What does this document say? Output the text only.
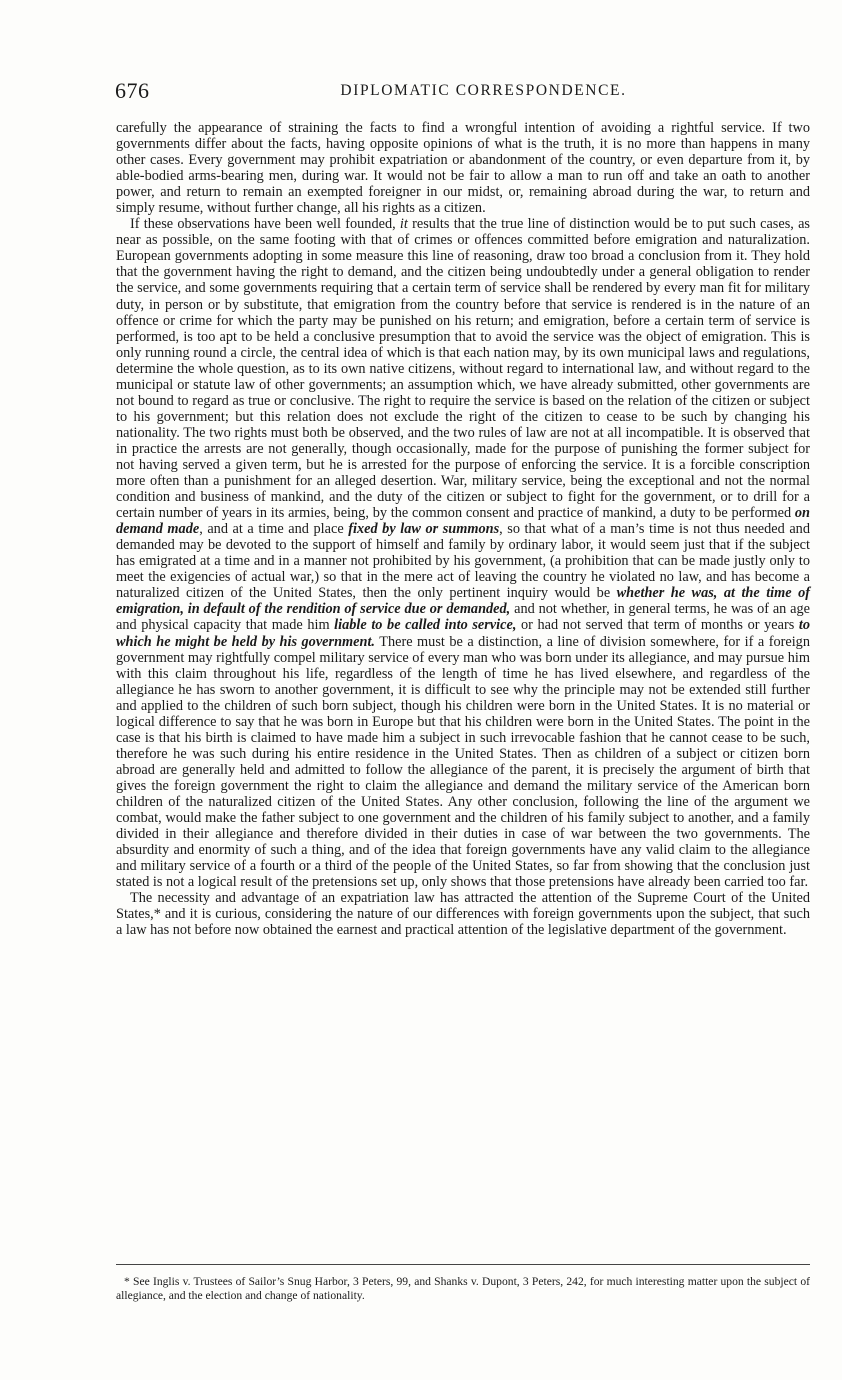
676	DIPLOMATIC CORRESPONDENCE.

carefully the appearance of straining the facts to find a wrongful intention of avoiding a rightful service. If two governments differ about the facts, having opposite opinions of what is the truth, it is no more than happens in many other cases. Every government may prohibit expatriation or abandonment of the country, or even departure from it, by able-bodied arms-bearing men, during war. It would not be fair to allow a man to run off and take an oath to another power, and return to remain an exempted foreigner in our midst, or, remaining abroad during the war, to return and simply resume, without further change, all his rights as a citizen.

If these observations have been well founded, it results that the true line of distinction would be to put such cases, as near as possible, on the same footing with that of crimes or offences committed before emigration and naturalization. European governments adopting in some measure this line of reasoning, draw too broad a conclusion from it. They hold that the government having the right to demand, and the citizen being undoubtedly under a general obligation to render the service, and some governments requiring that a certain term of service shall be rendered by every man fit for military duty, in person or by substitute, that emigration from the country before that service is rendered is in the nature of an offence or crime for which the party may be punished on his return; and emigration, before a certain term of service is performed, is too apt to be held a conclusive presumption that to avoid the service was the object of emigration. This is only running round a circle, the central idea of which is that each nation may, by its own municipal laws and regulations, determine the whole question, as to its own native citizens, without regard to international law, and without regard to the municipal or statute law of other governments; an assumption which, we have already submitted, other governments are not bound to regard as true or conclusive. The right to require the service is based on the relation of the citizen or subject to his government; but this relation does not exclude the right of the citizen to cease to be such by changing his nationality. The two rights must both be observed, and the two rules of law are not at all incompatible. It is observed that in practice the arrests are not generally, though occasionally, made for the purpose of punishing the former subject for not having served a given term, but he is arrested for the purpose of enforcing the service. It is a forcible conscription more often than a punishment for an alleged desertion. War, military service, being the exceptional and not the normal condition and business of mankind, and the duty of the citizen or subject to fight for the government, or to drill for a certain number of years in its armies, being, by the common consent and practice of mankind, a duty to be performed on demand made, and at a time and place fixed by law or summons, so that what of a man’s time is not thus needed and demanded may be devoted to the support of himself and family by ordinary labor, it would seem just that if the subject has emigrated at a time and in a manner not prohibited by his government, (a prohibition that can be made justly only to meet the exigencies of actual war,) so that in the mere act of leaving the country he violated no law, and has become a naturalized citizen of the United States, then the only pertinent inquiry would be whether he was, at the time of emigration, in default of the rendition of service due or demanded, and not whether, in general terms, he was of an age and physical capacity that made him liable to be called into service, or had not served that term of months or years to which he might be held by his government. There must be a distinction, a line of division somewhere, for if a foreign government may rightfully compel military service of every man who was born under its allegiance, and may pursue him with this claim throughout his life, regardless of the length of time he has lived elsewhere, and regardless of the allegiance he has sworn to another government, it is difficult to see why the principle may not be extended still further and applied to the children of such born subject, though his children were born in the United States. It is no material or logical difference to say that he was born in Europe but that his children were born in the United States. The point in the case is that his birth is claimed to have made him a subject in such irrevocable fashion that he cannot cease to be such, therefore he was such during his entire residence in the United States. Then as children of a subject or citizen born abroad are generally held and admitted to follow the allegiance of the parent, it is precisely the argument of birth that gives the foreign government the right to claim the allegiance and demand the military service of the American born children of the naturalized citizen of the United States. Any other conclusion, following the line of the argument we combat, would make the father subject to one government and the children of his family subject to another, and a family divided in their allegiance and therefore divided in their duties in case of war between the two governments. The absurdity and enormity of such a thing, and of the idea that foreign governments have any valid claim to the allegiance and military service of a fourth or a third of the people of the United States, so far from showing that the conclusion just stated is not a logical result of the pretensions set up, only shows that those pretensions have already been carried too far.

The necessity and advantage of an expatriation law has attracted the attention of the Supreme Court of the United States,* and it is curious, considering the nature of our differences with foreign governments upon the subject, that such a law has not before now obtained the earnest and practical attention of the legislative department of the government.

* See Inglis v. Trustees of Sailor’s Snug Harbor, 3 Peters, 99, and Shanks v. Dupont, 3 Peters, 242, for much interesting matter upon the subject of allegiance, and the election and change of nationality.
